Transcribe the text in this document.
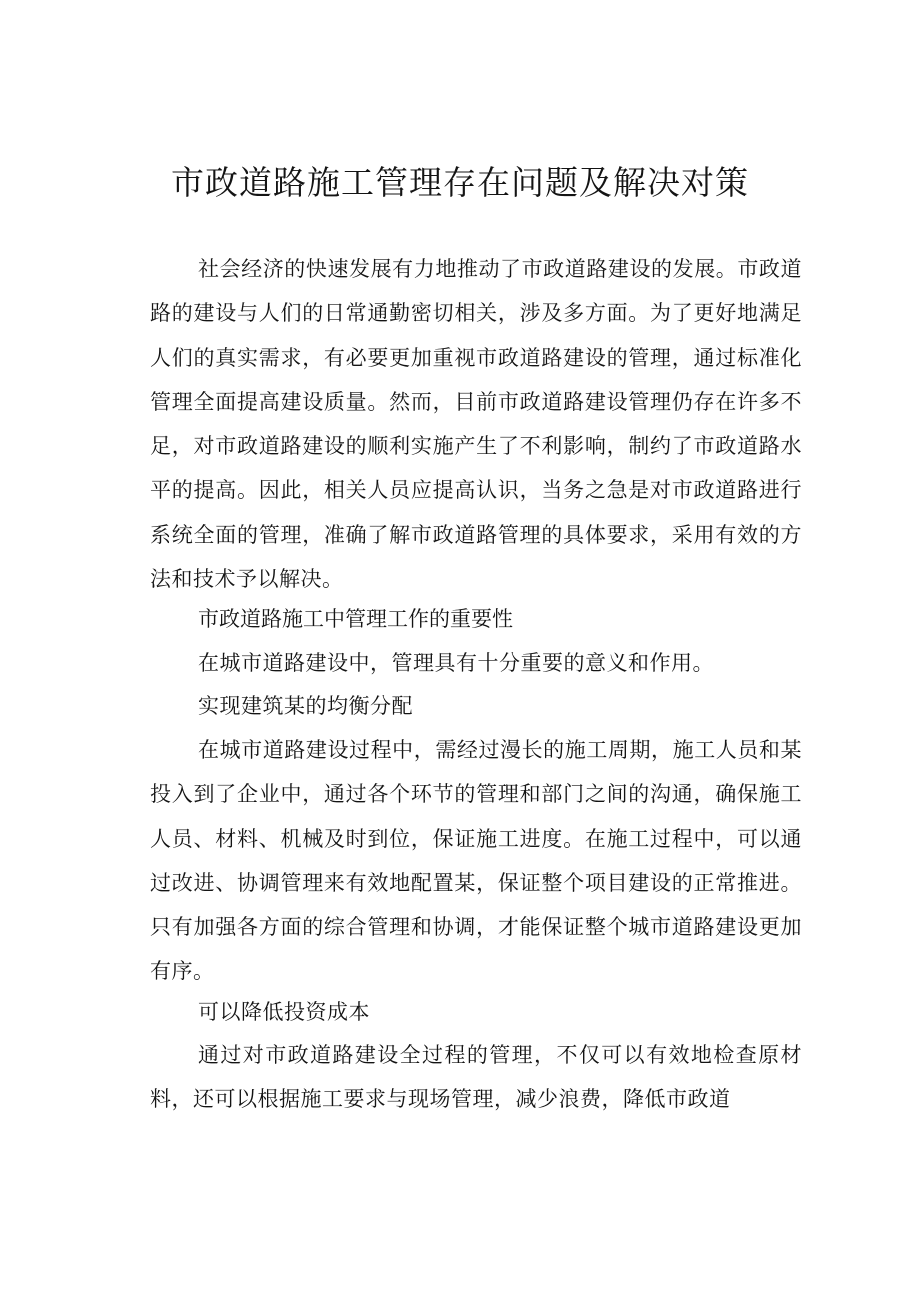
市政道路施工管理存在问题及解决对策

社会经济的快速发展有力地推动了市政道路建设的发展。市政道路的建设与人们的日常通勤密切相关，涉及多方面。为了更好地满足人们的真实需求，有必要更加重视市政道路建设的管理，通过标准化管理全面提高建设质量。然而，目前市政道路建设管理仍存在许多不足，对市政道路建设的顺利实施产生了不利影响，制约了市政道路水平的提高。因此，相关人员应提高认识，当务之急是对市政道路进行系统全面的管理，准确了解市政道路管理的具体要求，采用有效的方法和技术予以解决。

市政道路施工中管理工作的重要性

在城市道路建设中，管理具有十分重要的意义和作用。

实现建筑某的均衡分配

在城市道路建设过程中，需经过漫长的施工周期，施工人员和某投入到了企业中，通过各个环节的管理和部门之间的沟通，确保施工人员、材料、机械及时到位，保证施工进度。在施工过程中，可以通过改进、协调管理来有效地配置某，保证整个项目建设的正常推进。只有加强各方面的综合管理和协调，才能保证整个城市道路建设更加有序。

可以降低投资成本

通过对市政道路建设全过程的管理，不仅可以有效地检查原材料，还可以根据施工要求与现场管理，减少浪费，降低市政道
